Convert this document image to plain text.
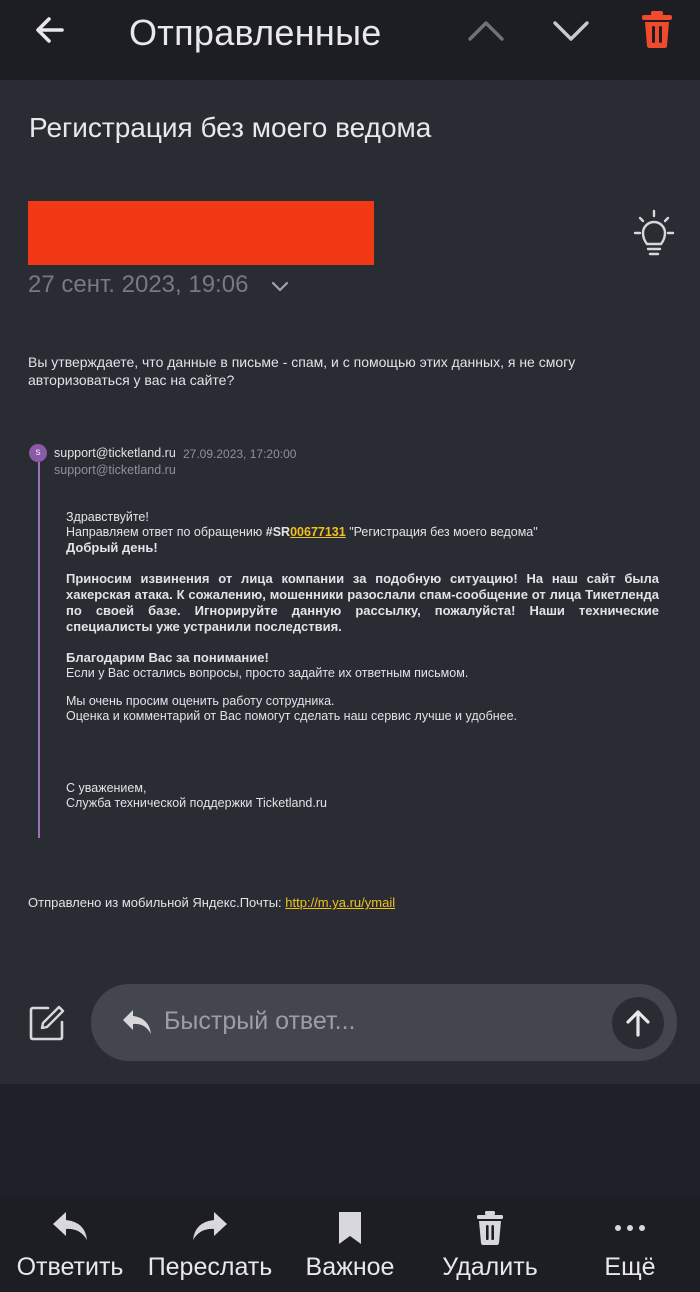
Отправленные
Регистрация без моего ведома
27 сент. 2023, 19:06
Вы утверждаете, что данные в письме - спам, и с помощью этих данных, я не смогу авторизоваться у вас на сайте?
s	support@ticketland.ru 27.09.2023, 17:20:00
support@ticketland.ru

Здравствуйте!

Направляем ответ по обращению #SR00677131 "Регистрация без моего ведома"

Добрый день!

Приносим извинения от лица компании за подобную ситуацию! На наш сайт была хакерская атака. К сожалению, мошенники разослали спам-сообщение от лица Тикетленда по своей базе. Игнорируйте данную рассылку, пожалуйста! Наши технические специалисты уже устранили последствия.

Благодарим Вас за понимание!

Если у Вас остались вопросы, просто задайте их ответным письмом.

Мы очень просим оценить работу сотрудника.

Оценка и комментарий от Вас помогут сделать наш сервис лучше и удобнее.

С уважением,

Служба технической поддержки Ticketland.ru

Отправлено из мобильной Яндекс.Почты: http://m.ya.ru/ymail
Быстрый ответ...
Ответить Переслать	Важное	Удалить	Ещё
